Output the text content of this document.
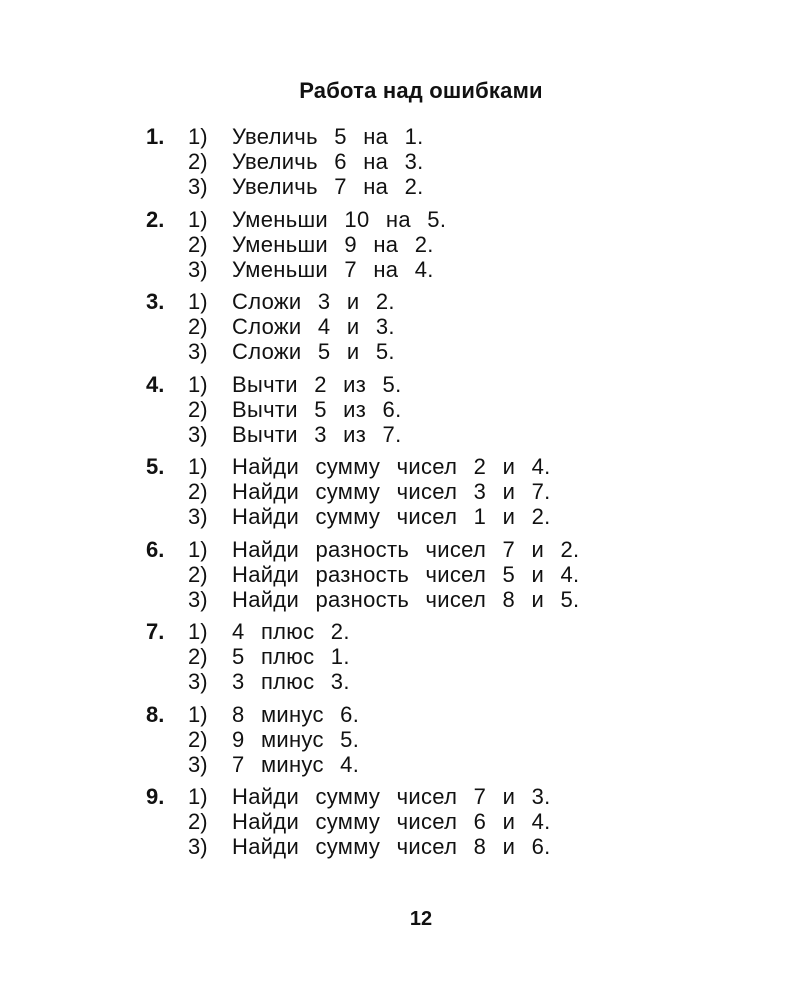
Работа над ошибками
1.	1)	Увеличь 5 на 1.
2)	Увеличь 6 на 3.
3)	Увеличь 7 на 2.
2.	1)	Уменьши 10 на 5.
2)	Уменьши 9 на 2.
3)	Уменьши 7 на 4.
3.	1)	Сложи 3 и 2.
2)	Сложи 4 и 3.
3)	Сложи 5 и 5.
4.	1)	Вычти 2 из 5.
2)	Вычти 5 из 6.
3)	Вычти 3 из 7.
5.	1)	Найди сумму чисел 2 и 4.
2)	Найди сумму чисел 3 и 7.
3)	Найди сумму чисел 1 и 2.
6.	1)	Найди разность чисел 7 и 2.
2)	Найди разность чисел 5 и 4.
3)	Найди разность чисел 8 и 5.
7.	1)	4 плюс 2.
2)	5 плюс 1.
3)	3 плюс 3.
8.	1)	8 минус 6.
2)	9 минус 5.
3)	7 минус 4.
9.	1)	Найди сумму чисел 7 и 3.
2)	Найди сумму чисел 6 и 4.
3)	Найди сумму чисел 8 и 6.
12
